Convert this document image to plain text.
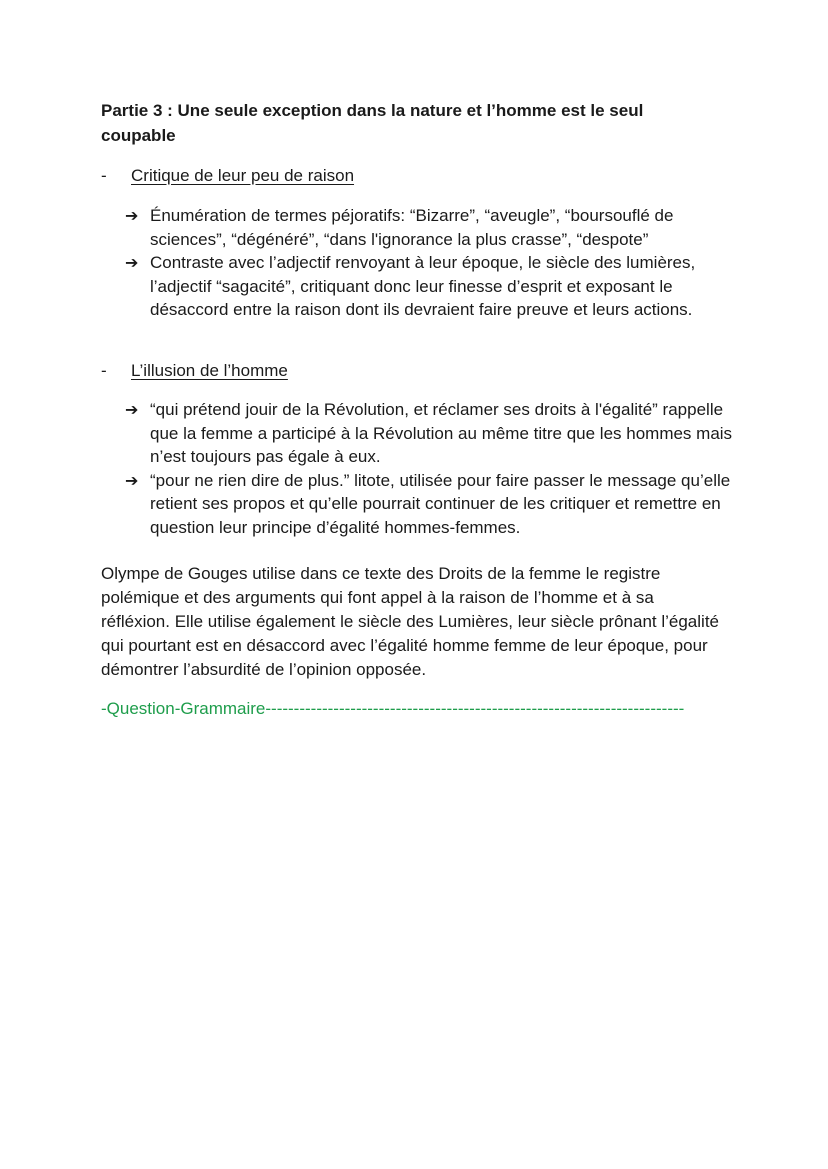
Partie 3 : Une seule exception dans la nature et l’homme est le seul coupable
- Critique de leur peu de raison
➔ Énumération de termes péjoratifs: “Bizarre”, “aveugle”, “boursouflé de sciences”, “dégénéré”, “dans l'ignorance la plus crasse”, “despote”
➔ Contraste avec l’adjectif renvoyant à leur époque, le siècle des lumières, l’adjectif “sagacité”, critiquant donc leur finesse d’esprit et exposant le désaccord entre la raison dont ils devraient faire preuve et leurs actions.
- L’illusion de l’homme
➔ “qui prétend jouir de la Révolution, et réclamer ses droits à l'égalité” rappelle que la femme a participé à la Révolution au même titre que les hommes mais n’est toujours pas égale à eux.
➔ “pour ne rien dire de plus.” litote, utilisée pour faire passer le message qu’elle retient ses propos et qu’elle pourrait continuer de les critiquer et remettre en question leur principe d’égalité hommes-femmes.

Olympe de Gouges utilise dans ce texte des Droits de la femme le registre polémique et des arguments qui font appel à la raison de l’homme et à sa réfléxion. Elle utilise également le siècle des Lumières, leur siècle prônant l’égalité qui pourtant est en désaccord avec l’égalité homme femme de leur époque, pour démontrer l’absurdité de l’opinion opposée.

-Question-Grammaire--------------------------------------------------------------------------
